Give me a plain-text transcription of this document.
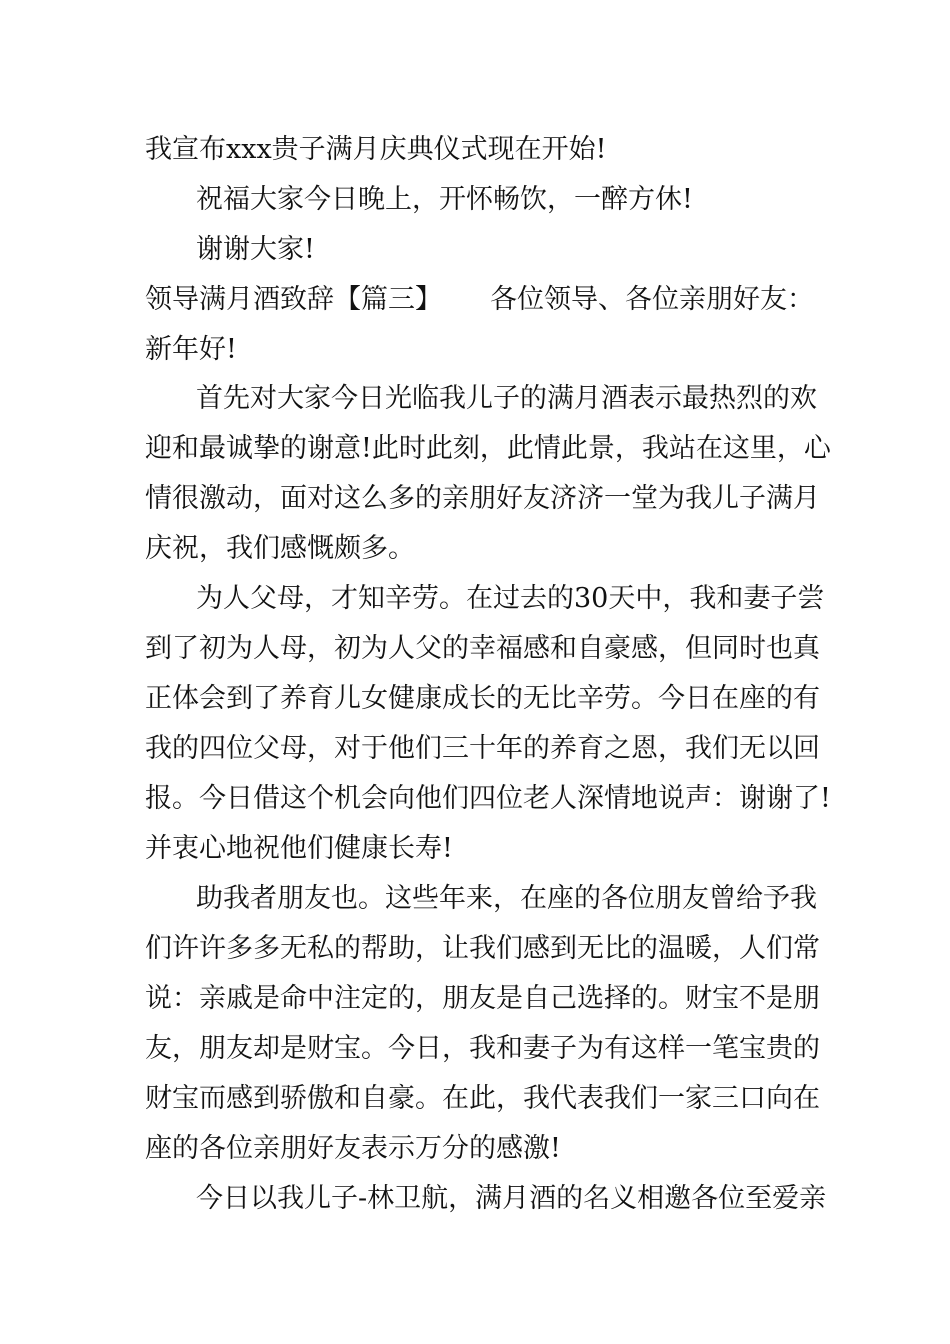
我宣布xxx贵子满月庆典仪式现在开始!
祝福大家今日晚上，开怀畅饮，一醉方休!
谢谢大家!
领导满月酒致辞【篇三】 各位领导、各位亲朋好友：
新年好!
首先对大家今日光临我儿子的满月酒表示最热烈的欢
迎和最诚挚的谢意!此时此刻，此情此景，我站在这里，心
情很激动，面对这么多的亲朋好友济济一堂为我儿子满月
庆祝，我们感慨颇多。
为人父母，才知辛劳。在过去的30天中，我和妻子尝
到了初为人母，初为人父的幸福感和自豪感，但同时也真
正体会到了养育儿女健康成长的无比辛劳。今日在座的有
我的四位父母，对于他们三十年的养育之恩，我们无以回
报。今日借这个机会向他们四位老人深情地说声：谢谢了!
并衷心地祝他们健康长寿!
助我者朋友也。这些年来，在座的各位朋友曾给予我
们许许多多无私的帮助，让我们感到无比的温暖，人们常
说：亲戚是命中注定的，朋友是自己选择的。财宝不是朋
友，朋友却是财宝。今日，我和妻子为有这样一笔宝贵的
财宝而感到骄傲和自豪。在此，我代表我们一家三口向在
座的各位亲朋好友表示万分的感激!
今日以我儿子-林卫航，满月酒的名义相邀各位至爱亲
